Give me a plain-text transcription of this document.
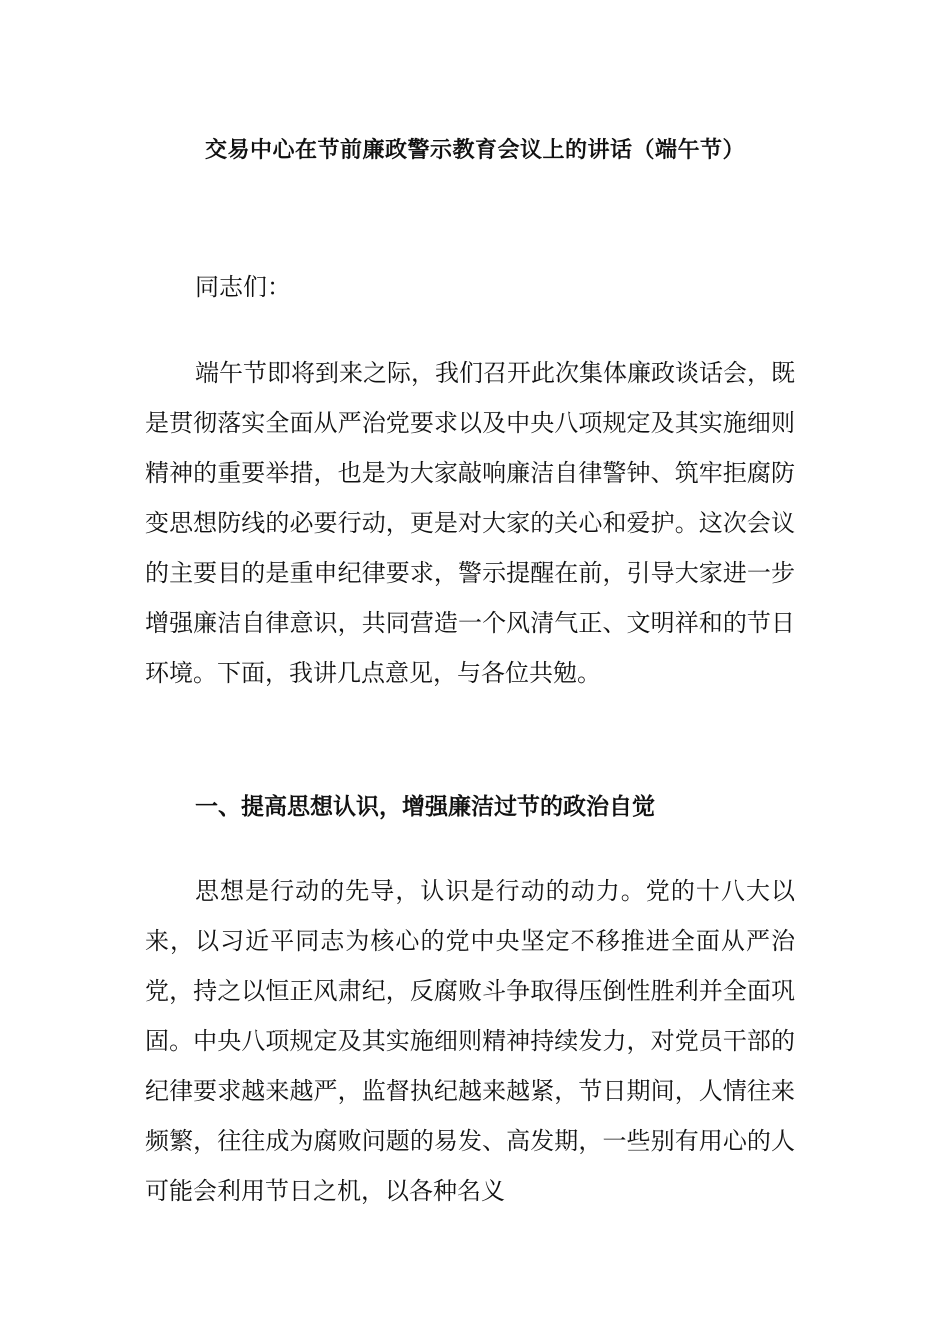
交易中心在节前廉政警示教育会议上的讲话（端午节）

同志们：

端午节即将到来之际，我们召开此次集体廉政谈话会，既是贯彻落实全面从严治党要求以及中央八项规定及其实施细则精神的重要举措，也是为大家敲响廉洁自律警钟、筑牢拒腐防变思想防线的必要行动，更是对大家的关心和爱护。这次会议的主要目的是重申纪律要求，警示提醒在前，引导大家进一步增强廉洁自律意识，共同营造一个风清气正、文明祥和的节日环境。下面，我讲几点意见，与各位共勉。

一、提高思想认识，增强廉洁过节的政治自觉

思想是行动的先导，认识是行动的动力。党的十八大以来，以习近平同志为核心的党中央坚定不移推进全面从严治党，持之以恒正风肃纪，反腐败斗争取得压倒性胜利并全面巩固。中央八项规定及其实施细则精神持续发力，对党员干部的纪律要求越来越严，监督执纪越来越紧，节日期间，人情往来频繁，往往成为腐败问题的易发、高发期，一些别有用心的人可能会利用节日之机，以各种名义
